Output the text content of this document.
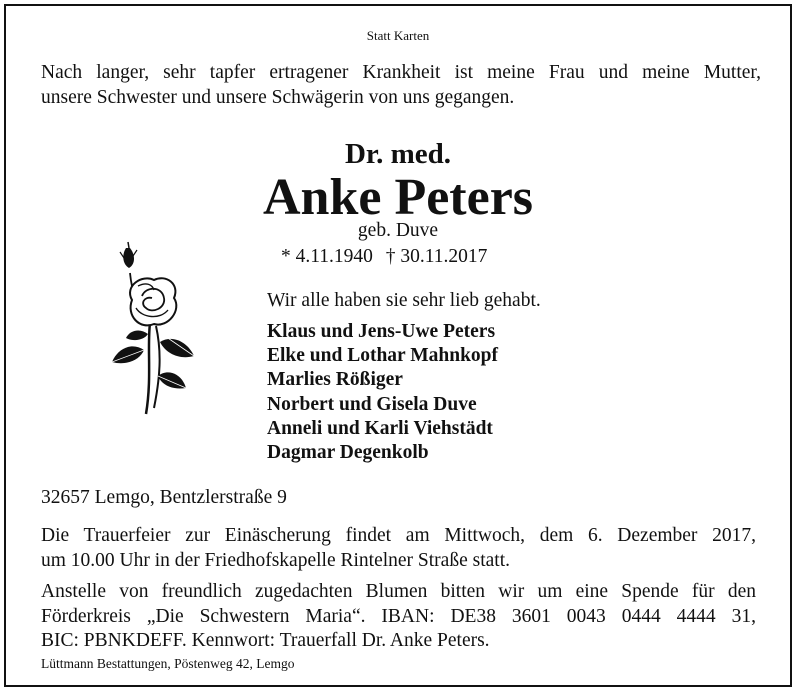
Statt Karten
Nach langer, sehr tapfer ertragener Krankheit ist meine Frau und meine Mutter,
unsere Schwester und unsere Schwägerin von uns gegangen.
Dr. med.
Anke Peters
geb. Duve
* 4.11.1940 † 30.11.2017
Wir alle haben sie sehr lieb gehabt.
Klaus und Jens-Uwe Peters
Elke und Lothar Mahnkopf
Marlies Rößiger
Norbert und Gisela Duve
Anneli und Karli Viehstädt
Dagmar Degenkolb
32657 Lemgo, Bentzlerstraße 9
Die Trauerfeier zur Einäscherung findet am Mittwoch, dem 6. Dezember 2017,
um 10.00 Uhr in der Friedhofskapelle Rintelner Straße statt.
Anstelle von freundlich zugedachten Blumen bitten wir um eine Spende für den
Förderkreis „Die Schwestern Maria“. IBAN: DE38 3601 0043 0444 4444 31,
BIC: PBNKDEFF. Kennwort: Trauerfall Dr. Anke Peters.
Lüttmann Bestattungen, Pöstenweg 42, Lemgo
